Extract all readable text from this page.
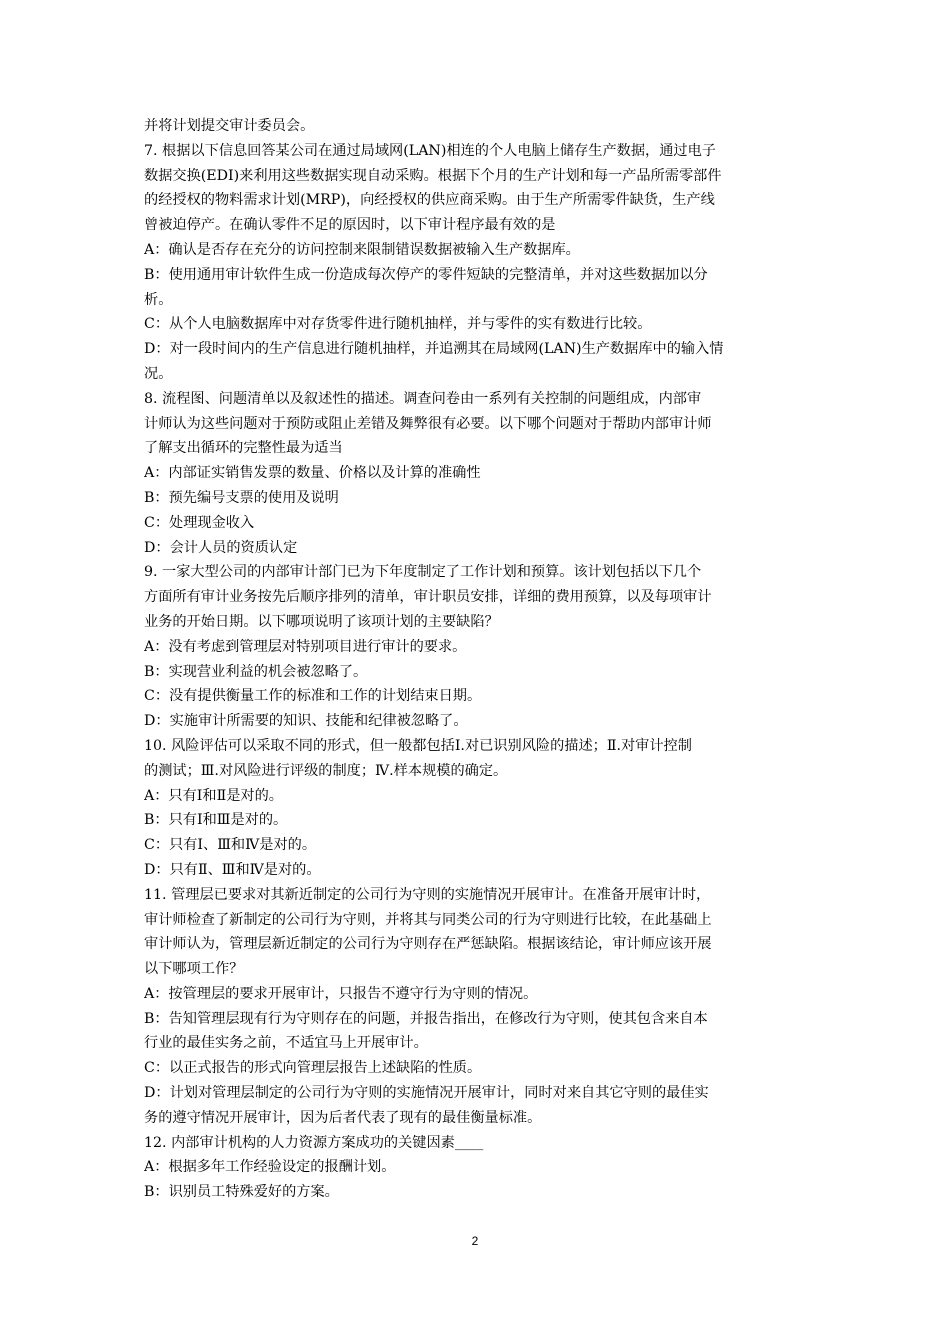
并将计划提交审计委员会。
7. 根据以下信息回答某公司在通过局域网(LAN)相连的个人电脑上储存生产数据，通过电子
数据交换(EDI)来利用这些数据实现自动采购。根据下个月的生产计划和每一产品所需零部件
的经授权的物料需求计划(MRP)，向经授权的供应商采购。由于生产所需零件缺货，生产线
曾被迫停产。在确认零件不足的原因时，以下审计程序最有效的是
A：确认是否存在充分的访问控制来限制错误数据被输入生产数据库。
B：使用通用审计软件生成一份造成每次停产的零件短缺的完整清单，并对这些数据加以分
析。
C：从个人电脑数据库中对存货零件进行随机抽样，并与零件的实有数进行比较。
D：对一段时间内的生产信息进行随机抽样，并追溯其在局域网(LAN)生产数据库中的输入情
况。
8. 流程图、问题清单以及叙述性的描述。调查问卷由一系列有关控制的问题组成，内部审
计师认为这些问题对于预防或阻止差错及舞弊很有必要。以下哪个问题对于帮助内部审计师
了解支出循环的完整性最为适当
A：内部证实销售发票的数量、价格以及计算的准确性
B：预先编号支票的使用及说明
C：处理现金收入
D：会计人员的资质认定
9. 一家大型公司的内部审计部门已为下年度制定了工作计划和预算。该计划包括以下几个
方面所有审计业务按先后顺序排列的清单，审计职员安排，详细的费用预算，以及每项审计
业务的开始日期。以下哪项说明了该项计划的主要缺陷？
A：没有考虑到管理层对特别项目进行审计的要求。
B：实现营业利益的机会被忽略了。
C：没有提供衡量工作的标准和工作的计划结束日期。
D：实施审计所需要的知识、技能和纪律被忽略了。
10. 风险评估可以采取不同的形式，但一般都包括Ⅰ.对已识别风险的描述；Ⅱ.对审计控制
的测试；Ⅲ.对风险进行评级的制度；Ⅳ.样本规模的确定。
A：只有Ⅰ和Ⅱ是对的。
B：只有Ⅰ和Ⅲ是对的。
C：只有Ⅰ、Ⅲ和Ⅳ是对的。
D：只有Ⅱ、Ⅲ和Ⅳ是对的。
11. 管理层已要求对其新近制定的公司行为守则的实施情况开展审计。在准备开展审计时，
审计师检查了新制定的公司行为守则，并将其与同类公司的行为守则进行比较，在此基础上
审计师认为，管理层新近制定的公司行为守则存在严惩缺陷。根据该结论，审计师应该开展
以下哪项工作？
A：按管理层的要求开展审计，只报告不遵守行为守则的情况。
B：告知管理层现有行为守则存在的问题，并报告指出，在修改行为守则，使其包含来自本
行业的最佳实务之前，不适宜马上开展审计。
C：以正式报告的形式向管理层报告上述缺陷的性质。
D：计划对管理层制定的公司行为守则的实施情况开展审计，同时对来自其它守则的最佳实
务的遵守情况开展审计，因为后者代表了现有的最佳衡量标准。
12. 内部审计机构的人力资源方案成功的关键因素____
A：根据多年工作经验设定的报酬计划。
B：识别员工特殊爱好的方案。
2
